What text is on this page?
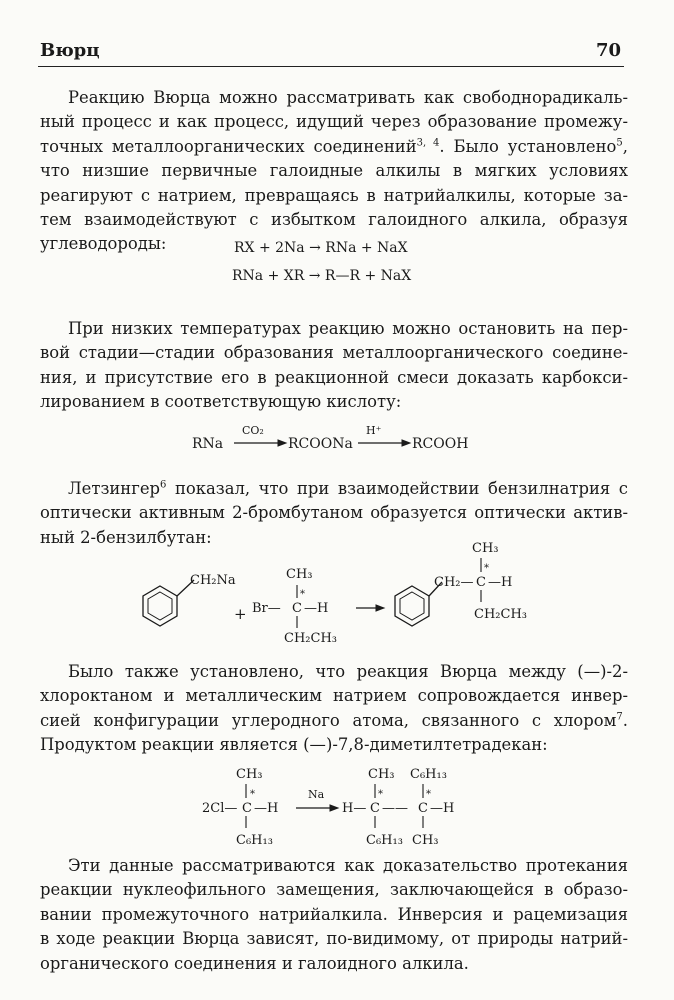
Вюрц	70
Реакцию Вюрца можно рассматривать как свободнорадикаль-
ный процесс и как процесс, идущий через образование промежу-
точных металлоорганических соединений$^{3, 4}$. Было установлено$^5$,
что низшие первичные галоидные алкилы в мягких условиях
реагируют с натрием, превращаясь в натрийалкилы, которые за-
тем взаимодействуют с избытком галоидного алкила, образуя
углеводороды:	RX + 2Na → RNa + NaX
RNa + XR → R—R + NaX
При низких температурах реакцию можно остановить на пер-
вой стадии—стадии образования металлоорганического соедине-
ния, и присутствие его в реакционной смеси доказать карбокси-
лированием в соответствующую кислоту:
RNa
CO₂
RCOONa
H⁺
RCOOH
Летзингер$^6$ показал, что при взаимодействии бензилнатрия с
оптически активным 2-бромбутаном образуется оптически актив-
ный 2-бензилбутан:
CH₂Na
+ Br— C
*
—H
CH₃
CH₂CH₃
CH₂— C
*
—H
CH₃
CH₂CH₃
Было также установлено, что реакция Вюрца между (—)-2-
хлороктаном и металлическим натрием сопровождается инвер-
сией конфигурации углеродного атома, связанного с хлором$^7$.
Продуктом реакции является (—)-7,8-диметилтетрадекан:
2Cl— C
*
—H
CH₃
C₆H₁₃
Na
H— C
*
—— C
*
—H
CH₃ C₆H₁₃
C₆H₁₃ CH₃
Эти данные рассматриваются как доказательство протекания
реакции нуклеофильного замещения, заключающейся в образо-
вании промежуточного натрийалкила. Инверсия и рацемизация
в ходе реакции Вюрца зависят, по-видимому, от природы натрий-
органического соединения и галоидного алкила.
